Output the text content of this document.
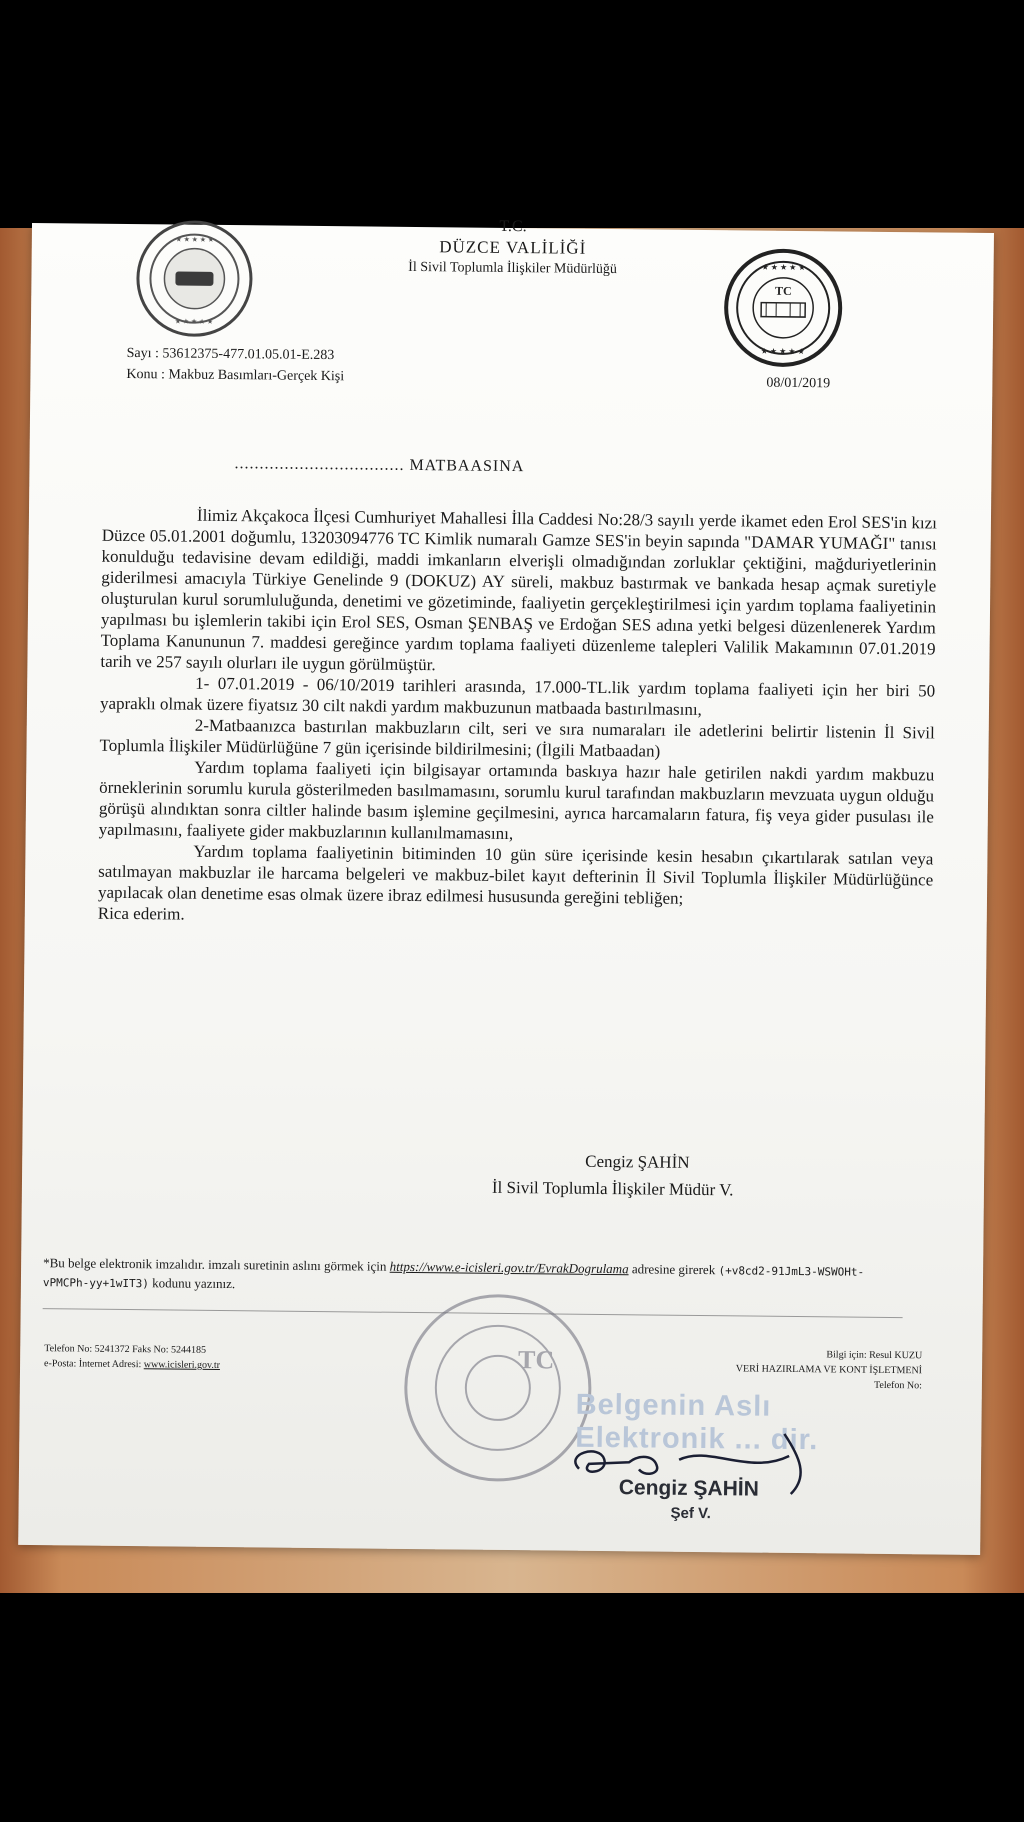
★ ★ ★ ★ ★
★ ★ ★ ★ ★
T.C.
DÜZCE VALİLİĞİ
İl Sivil Toplumla İlişkiler Müdürlüğü
TC
★ ★ ★ ★ ★
★ ★ ★ ★ ★
Sayı : 53612375-477.01.05.01-E.283
Konu : Makbuz Basımları-Gerçek Kişi	08/01/2019
.................................. MATBAASINA

İlimiz Akçakoca İlçesi Cumhuriyet Mahallesi İlla Caddesi No:28/3 sayılı yerde ikamet eden Erol SES'in kızı Düzce 05.01.2001 doğumlu, 13203094776 TC Kimlik numaralı Gamze SES'in beyin sapında "DAMAR YUMAĞI" tanısı konulduğu tedavisine devam edildiği, maddi imkanların elverişli olmadığından zorluklar çektiğini, mağduriyetlerinin giderilmesi amacıyla Türkiye Genelinde 9 (DOKUZ) AY süreli, makbuz bastırmak ve bankada hesap açmak suretiyle oluşturulan kurul sorumluluğunda, denetimi ve gözetiminde, faaliyetin gerçekleştirilmesi için yardım toplama faaliyetinin yapılması bu işlemlerin takibi için Erol SES, Osman ŞENBAŞ ve Erdoğan SES adına yetki belgesi düzenlenerek Yardım Toplama Kanununun 7. maddesi gereğince yardım toplama faaliyeti düzenleme talepleri Valilik Makamının 07.01.2019 tarih ve 257 sayılı olurları ile uygun görülmüştür.

1- 07.01.2019 - 06/10/2019 tarihleri arasında, 17.000-TL.lik yardım toplama faaliyeti için her biri 50 yapraklı olmak üzere fiyatsız 30 cilt nakdi yardım makbuzunun matbaada bastırılmasını,

2-Matbaanızca bastırılan makbuzların cilt, seri ve sıra numaraları ile adetlerini belirtir listenin İl Sivil Toplumla İlişkiler Müdürlüğüne 7 gün içerisinde bildirilmesini; (İlgili Matbaadan)

Yardım toplama faaliyeti için bilgisayar ortamında baskıya hazır hale getirilen nakdi yardım makbuzu örneklerinin sorumlu kurula gösterilmeden basılmamasını, sorumlu kurul tarafından makbuzların mevzuata uygun olduğu görüşü alındıktan sonra ciltler halinde basım işlemine geçilmesini, ayrıca harcamaların fatura, fiş veya gider pusulası ile yapılmasını, faaliyete gider makbuzlarının kullanılmamasını,

Yardım toplama faaliyetinin bitiminden 10 gün süre içerisinde kesin hesabın çıkartılarak satılan veya satılmayan makbuzlar ile harcama belgeleri ve makbuz-bilet kayıt defterinin İl Sivil Toplumla İlişkiler Müdürlüğünce yapılacak olan denetime esas olmak üzere ibraz edilmesi hususunda gereğini tebliğen;

Rica ederim.

Cengiz ŞAHİN
İl Sivil Toplumla İlişkiler Müdür V.
*Bu belge elektronik imzalıdır. imzalı suretinin aslını görmek için https://www.e-icisleri.gov.tr/EvrakDogrulama adresine girerek (+v8cd2-91JmL3-WSWOHt-vPMCPh-yy+1wIT3) kodunu yazınız.
Telefon No: 5241372 Faks No: 5244185
e-Posta: İnternet Adresi: www.icisleri.gov.tr
Bilgi için: Resul KUZU
VERİ HAZIRLAMA VE KONT İŞLETMENİ
Telefon No:
TC
Belgenin Aslı
Elektronik ... dir.
Cengiz ŞAHİN
Şef V.
